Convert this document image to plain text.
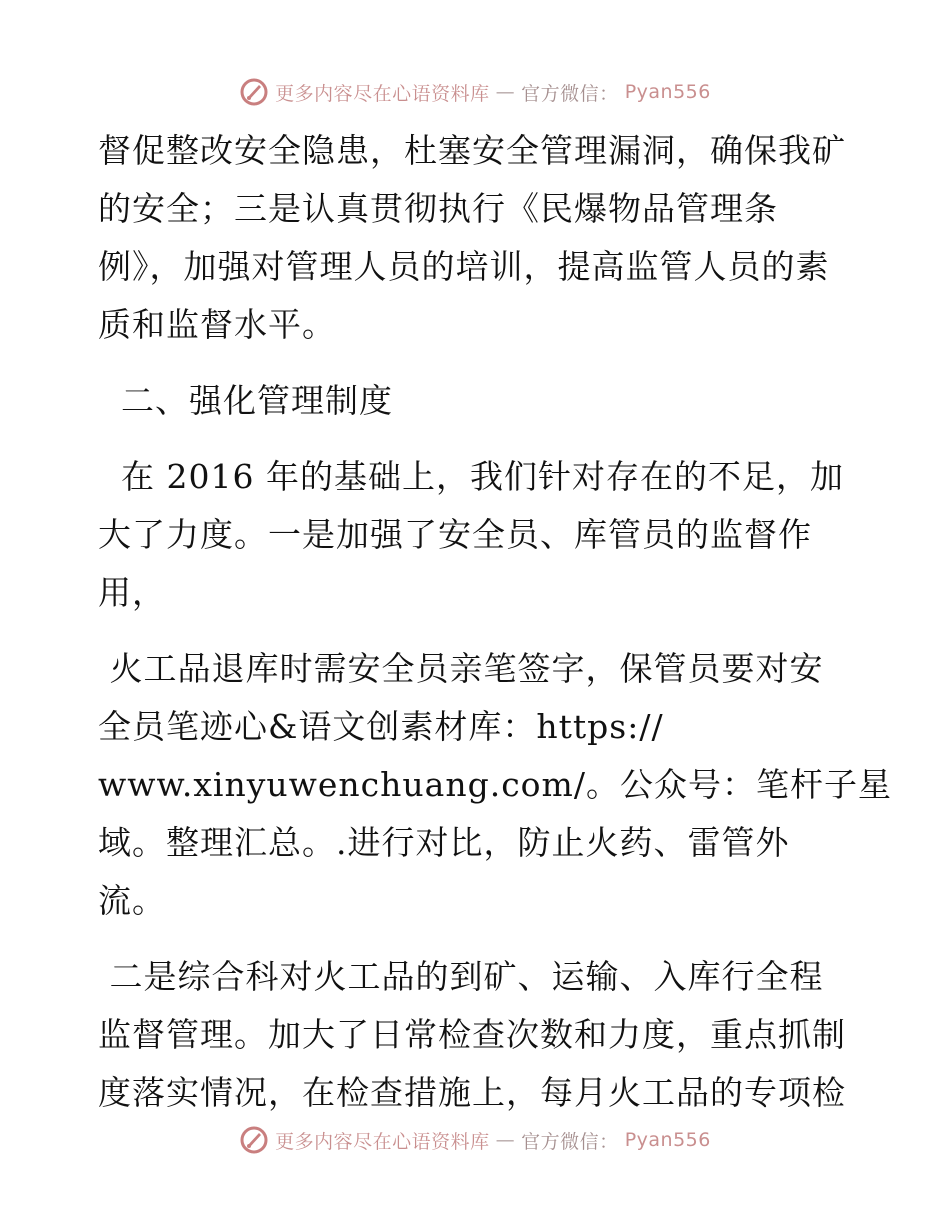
更多内容尽在心语资料库 — 官方微信： Pyan556
督促整改安全隐患，杜塞安全管理漏洞，确保我矿
的安全；三是认真贯彻执行《民爆物品管理条
例》，加强对管理人员的培训，提高监管人员的素
质和监督水平。
二、强化管理制度
在 2016 年的基础上，我们针对存在的不足，加
大了力度。一是加强了安全员、库管员的监督作
用，
火工品退库时需安全员亲笔签字，保管员要对安
全员笔迹心&语文创素材库：https://
www.xinyuwenchuang.com/。公众号：笔杆子星
域。整理汇总。.进行对比，防止火药、雷管外
流。
二是综合科对火工品的到矿、运输、入库行全程
监督管理。加大了日常检查次数和力度，重点抓制
度落实情况，在检查措施上，每月火工品的专项检
更多内容尽在心语资料库 — 官方微信： Pyan556
